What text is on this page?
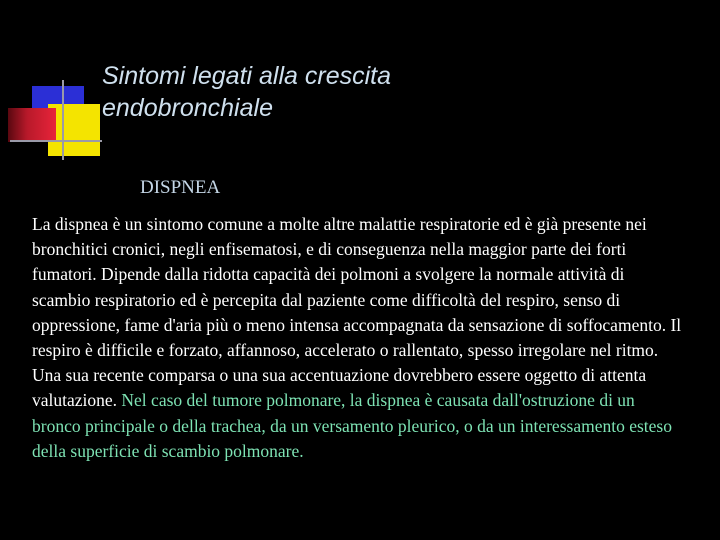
Sintomi legati alla crescita
endobronchiale
DISPNEA

La dispnea è un sintomo comune a molte altre malattie respiratorie ed è già presente nei bronchitici cronici, negli enfisematosi, e di conseguenza nella maggior parte dei forti fumatori. Dipende dalla ridotta capacità dei polmoni a svolgere la normale attività di scambio respiratorio ed è percepita dal paziente come difficoltà del respiro, senso di oppressione, fame d'aria più o meno intensa accompagnata da sensazione di soffocamento. Il respiro è difficile e forzato, affannoso, accelerato o rallentato, spesso irregolare nel ritmo. Una sua recente comparsa o una sua accentuazione dovrebbero essere oggetto di attenta valutazione. Nel caso del tumore polmonare, la dispnea è causata dall'ostruzione di un bronco principale o della trachea, da un versamento pleurico, o da un interessamento esteso della superficie di scambio polmonare.
